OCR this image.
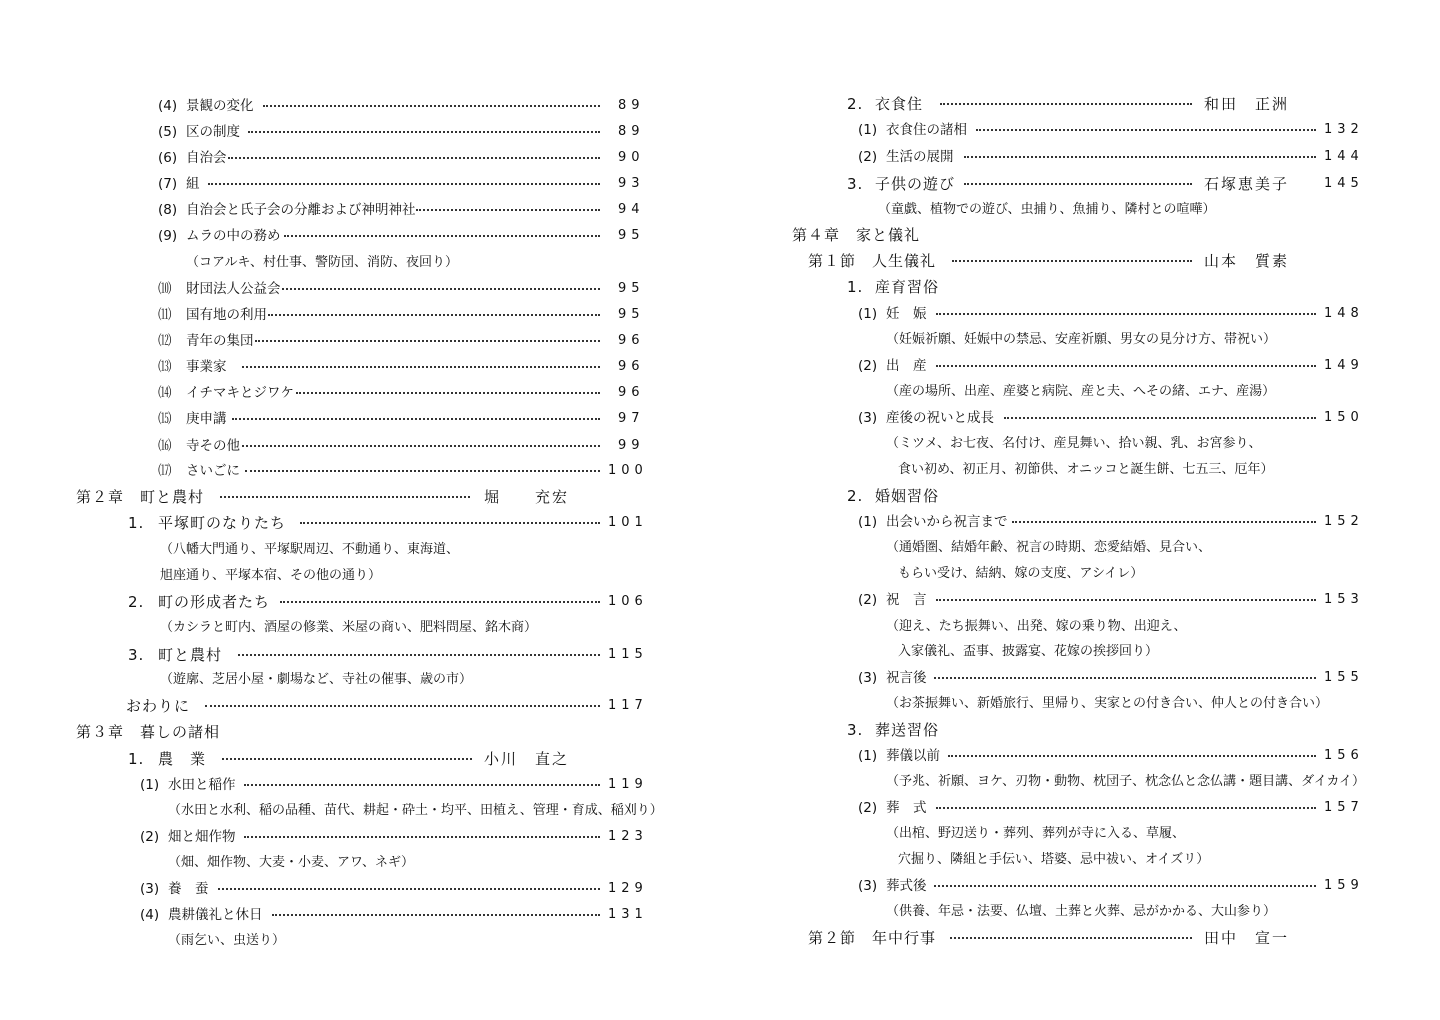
(4) 景観の変化	89
(5) 区の制度	89
(6) 自治会	90
(7) 組	93
(8) 自治会と氏子会の分離および神明神社	94
(9) ムラの中の務め	95
（コアルキ、村仕事、警防団、消防、夜回り）
⑽ 財団法人公益会	95
⑾ 国有地の利用	95
⑿ 青年の集団	96
⒀ 事業家	96
⒁ イチマキとジワケ	96
⒂ 庚申講	97
⒃ 寺その他	99
⒄ さいごに	100
第２章　町と農村	堀　　充宏
1. 平塚町のなりたち	101
（八幡大門通り、平塚駅周辺、不動通り、東海道、
旭座通り、平塚本宿、その他の通り）
2. 町の形成者たち	106
（カシラと町内、酒屋の修業、米屋の商い、肥料問屋、銘木商）
3. 町と農村	115
（遊廓、芝居小屋・劇場など、寺社の催事、歳の市）
おわりに	117
第３章　暮しの諸相
1. 農　業	小川　直之
(1) 水田と稲作	119
（水田と水利、稲の品種、苗代、耕起・砕土・均平、田植え、管理・育成、稲刈り）
(2) 畑と畑作物	123
（畑、畑作物、大麦・小麦、アワ、ネギ）
(3) 養　蚕	129
(4) 農耕儀礼と休日	131
（雨乞い、虫送り）
2. 衣食住	和田　正洲
(1) 衣食住の諸相	132
(2) 生活の展開	144
3. 子供の遊び	石塚恵美子	145
（童戯、植物での遊び、虫捕り、魚捕り、隣村との喧嘩）
第４章　家と儀礼
第１節　人生儀礼	山本　質素
1. 産育習俗
(1) 妊　娠	148
（妊娠祈願、妊娠中の禁忌、安産祈願、男女の見分け方、帯祝い）
(2) 出　産	149
（産の場所、出産、産婆と病院、産と夫、へその緒、エナ、産湯）
(3) 産後の祝いと成長	150
（ミツメ、お七夜、名付け、産見舞い、拾い親、乳、お宮参り、
食い初め、初正月、初節供、オニッコと誕生餅、七五三、厄年）
2. 婚姻習俗
(1) 出会いから祝言まで	152
（通婚圏、結婚年齢、祝言の時期、恋愛結婚、見合い、
もらい受け、結納、嫁の支度、アシイレ）
(2) 祝　言	153
（迎え、たち振舞い、出発、嫁の乗り物、出迎え、
入家儀礼、盃事、披露宴、花嫁の挨拶回り）
(3) 祝言後	155
（お茶振舞い、新婚旅行、里帰り、実家との付き合い、仲人との付き合い）
3. 葬送習俗
(1) 葬儀以前	156
（予兆、祈願、ヨケ、刃物・動物、枕団子、枕念仏と念仏講・題目講、ダイカイ）
(2) 葬　式	157
（出棺、野辺送り・葬列、葬列が寺に入る、草履、
穴掘り、隣組と手伝い、塔婆、忌中祓い、オイズリ）
(3) 葬式後	159
（供養、年忌・法要、仏壇、土葬と火葬、忌がかかる、大山参り）
第２節　年中行事	田中　宣一
